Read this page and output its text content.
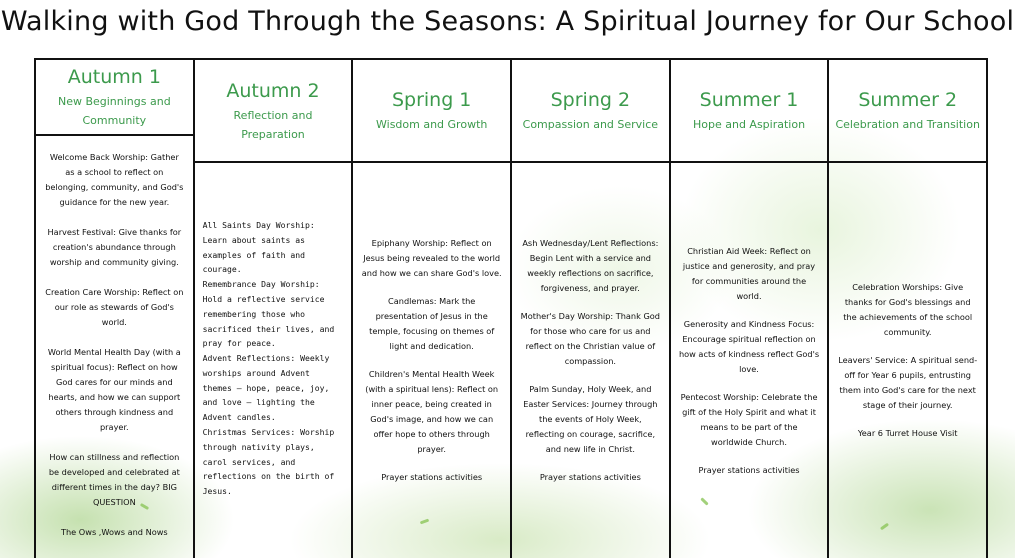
Walking with God Through the Seasons: A Spiritual Journey for Our School
Autumn 1
New Beginnings and Community
Welcome Back Worship: Gather as a school to reflect on belonging, community, and God's guidance for the new year.
Harvest Festival: Give thanks for creation's abundance through worship and community giving.
Creation Care Worship: Reflect on our role as stewards of God's world.
World Mental Health Day (with a spiritual focus): Reflect on how God cares for our minds and hearts, and how we can support others through kindness and prayer.
How can stillness and reflection be developed and celebrated at different times in the day? BIG QUESTION
The Ows ,Wows and Nows
Autumn 2
Reflection and Preparation
All Saints Day Worship: Learn about saints as examples of faith and courage.
Remembrance Day Worship: Hold a reflective service remembering those who sacrificed their lives, and pray for peace.
Advent Reflections: Weekly worships around Advent themes – hope, peace, joy, and love – lighting the Advent candles.
Christmas Services: Worship through nativity plays, carol services, and reflections on the birth of Jesus.
Spring 1
Wisdom and Growth
Epiphany Worship: Reflect on Jesus being revealed to the world and how we can share God's love.
Candlemas: Mark the presentation of Jesus in the temple, focusing on themes of light and dedication.
Children's Mental Health Week (with a spiritual lens): Reflect on inner peace, being created in God's image, and how we can offer hope to others through prayer.
Prayer stations activities
Spring 2
Compassion and Service
Ash Wednesday/Lent Reflections: Begin Lent with a service and weekly reflections on sacrifice, forgiveness, and prayer.
Mother's Day Worship: Thank God for those who care for us and reflect on the Christian value of compassion.
Palm Sunday, Holy Week, and Easter Services: Journey through the events of Holy Week, reflecting on courage, sacrifice, and new life in Christ.
Prayer stations activities
Summer 1
Hope and Aspiration
Christian Aid Week: Reflect on justice and generosity, and pray for communities around the world.
Generosity and Kindness Focus: Encourage spiritual reflection on how acts of kindness reflect God's love.
Pentecost Worship: Celebrate the gift of the Holy Spirit and what it means to be part of the worldwide Church.
Prayer stations activities
Summer 2
Celebration and Transition
Celebration Worships: Give thanks for God's blessings and the achievements of the school community.
Leavers' Service: A spiritual send-off for Year 6 pupils, entrusting them into God's care for the next stage of their journey.
Year 6 Turret House Visit
